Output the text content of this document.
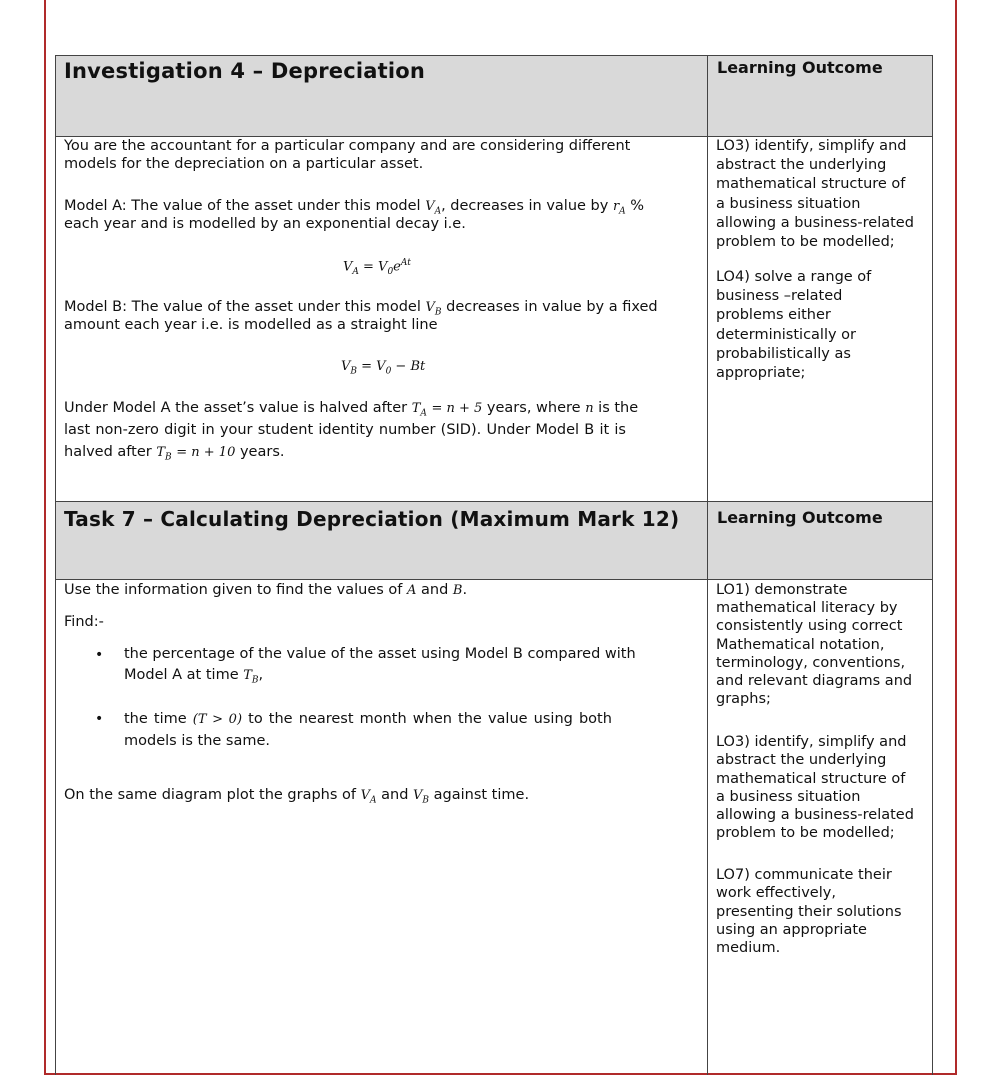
Investigation 4 – Depreciation	Learning Outcome
You are the accountant for a particular company and are considering different
models for the depreciation on a particular asset.
Model A: The value of the asset under this model $V_A$, decreases in value by $r_A$ %
each year and is modelled by an exponential decay i.e.
$V_A = V_0e^{At}$
Model B: The value of the asset under this model $V_B$ decreases in value by a fixed
amount each year i.e. is modelled as a straight line
$V_B = V_0 - Bt$
Under Model A the asset’s value is halved after $T_A = n + 5$ years, where n is the
last non-zero digit in your student identity number (SID). Under Model B it is
halved after $T_B = n + 10$ years.
LO3) identify, simplify and
abstract the underlying
mathematical structure of
a business situation
allowing a business-related
problem to be modelled;
LO4) solve a range of
business –related
problems either
deterministically or
probabilistically as
appropriate;
Task 7 – Calculating Depreciation (Maximum Mark 12) Learning Outcome
Use the information given to find the values of A and B.
Find:-
• the percentage of the value of the asset using Model B compared with
Model A at time $T_B$,
• the time (T > 0) to the nearest month when the value using both
models is the same.
On the same diagram plot the graphs of $V_A$ and $V_B$ against time.
LO1) demonstrate
mathematical literacy by
consistently using correct
Mathematical notation,
terminology, conventions,
and relevant diagrams and
graphs;
LO3) identify, simplify and
abstract the underlying
mathematical structure of
a business situation
allowing a business-related
problem to be modelled;
LO7) communicate their
work effectively,
presenting their solutions
using an appropriate
medium.
